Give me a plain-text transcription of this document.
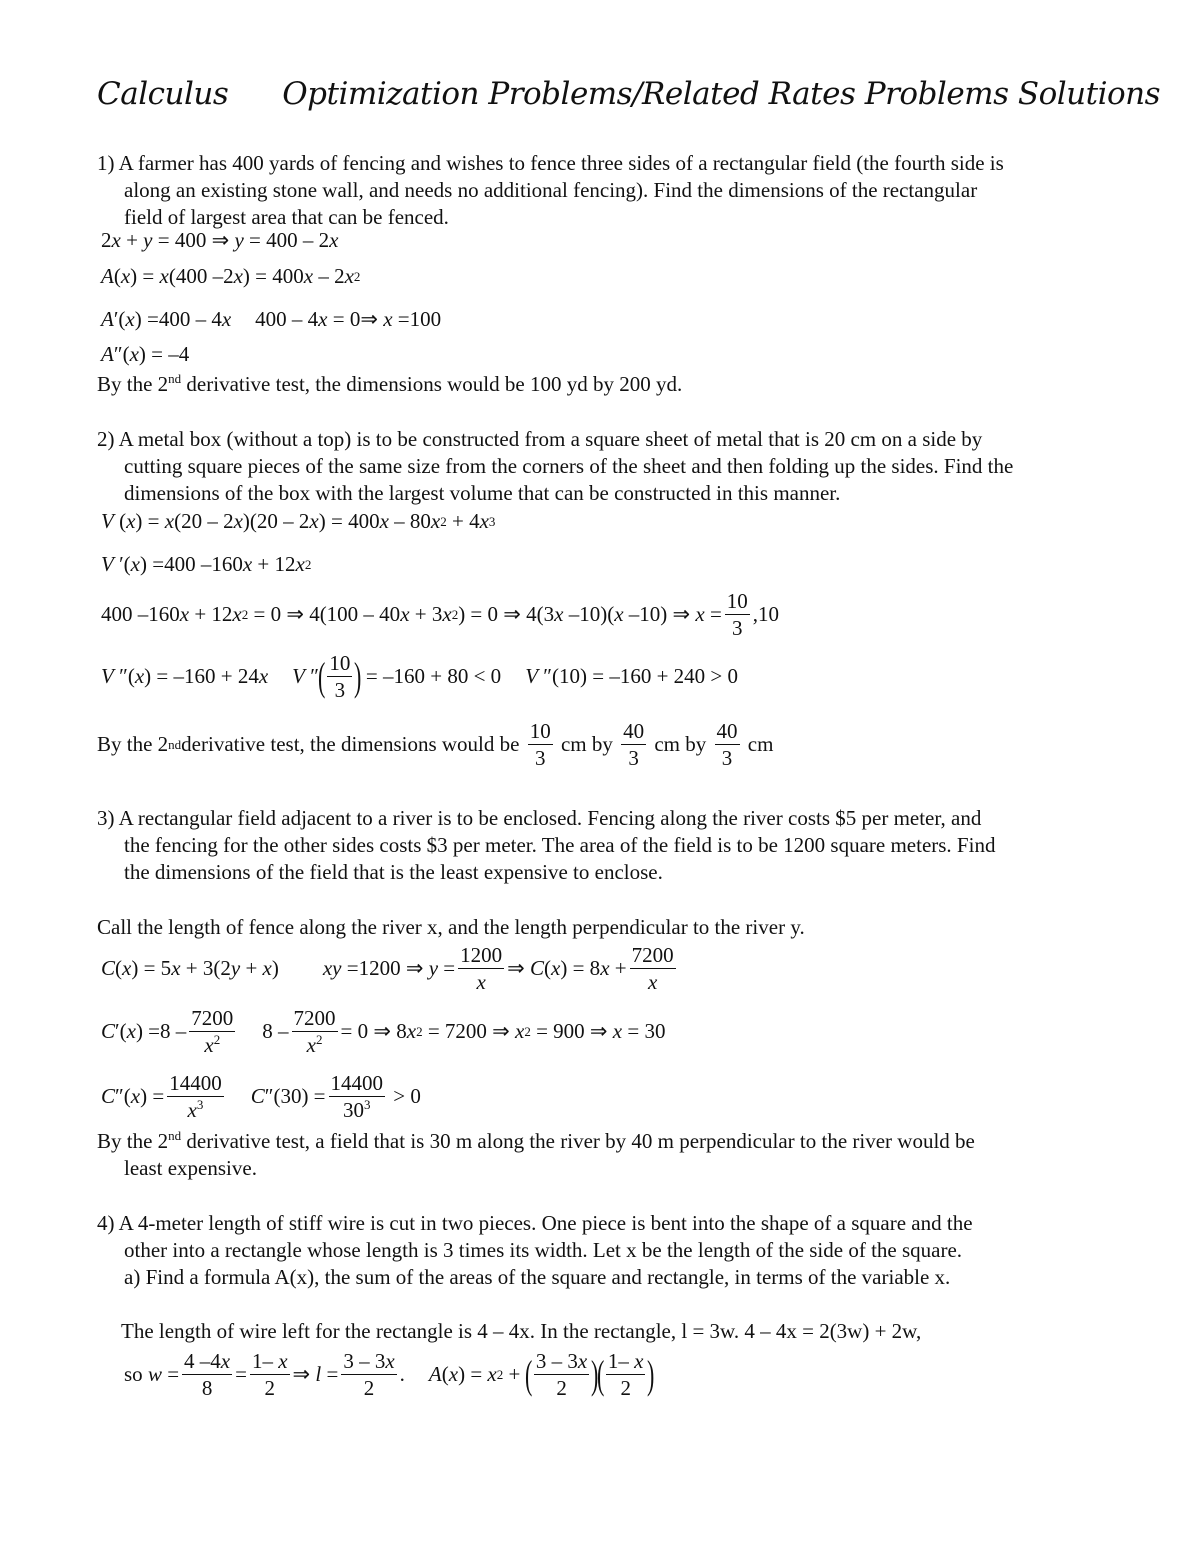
Calculus Optimization Problems/Related Rates Problems Solutions
1) A farmer has 400 yards of fencing and wishes to fence three sides of a rectangular field (the fourth side is
along an existing stone wall, and needs no additional fencing). Find the dimensions of the rectangular
field of largest area that can be fenced.
2 x + y = 400 ⇒ y = 400 – 2 x
A ( x ) = x (400 –2 x ) = 400 x – 2 x 2
A ′( x ) =400 – 4 x 400 – 4 x = 0⇒ x =100
A ″( x ) = –4
By the 2nd derivative test, the dimensions would be 100 yd by 200 yd.
2) A metal box (without a top) is to be constructed from a square sheet of metal that is 20 cm on a side by
cutting square pieces of the same size from the corners of the sheet and then folding up the sides. Find the
dimensions of the box with the largest volume that can be constructed in this manner.
V ( x ) = x (20 – 2 x )(20 – 2 x ) = 400 x – 80 x 2 + 4 x 3
V ′( x ) =400 –160 x + 12 x 2
400 –160 x + 12 x 2 = 0 ⇒ 4(100 – 40 x + 3 x 2 ) = 0 ⇒ 4(3 x –10)( x –10) ⇒ $x = \frac{10}{3} ,10$
V ″( x ) = –160 + 24 x V ″
( $\frac{10}{3}$ )
= –160 + 80 < 0 V ″(10) = –160 + 240 > 0
By the 2 nd derivative test, the dimensions would be
$\frac{10}{3}$
cm by
$\frac{40}{3}$
cm by
$\frac{40}{3}$
cm
3) A rectangular field adjacent to a river is to be enclosed. Fencing along the river costs $5 per meter, and
the fencing for the other sides costs $3 per meter. The area of the field is to be 1200 square meters. Find
the dimensions of the field that is the least expensive to enclose.
Call the length of fence along the river x, and the length perpendicular to the river y.
C ( x ) = 5 x + 3(2 y + x ) xy =1200 ⇒ $y = \frac{1200}{x}$ ⇒ C ( x ) = 8 $x + \frac{7200}{x}$
C ′( x ) $=8 - \frac{7200}{x^2} 8 - \frac{7200}{x^2} = 0$ ⇒ 8 x 2 = 7200 ⇒ x 2 = 900 ⇒ x = 30
C ″( x ) = $\frac{14400}{x^3}$ C $''(30) = \frac{14400}{30^3} > 0$
By the 2nd derivative test, a field that is 30 m along the river by 40 m perpendicular to the river would be
least expensive.
4) A 4-meter length of stiff wire is cut in two pieces. One piece is bent into the shape of a square and the
other into a rectangle whose length is 3 times its width. Let x be the length of the side of the square.
a) Find a formula A(x), the sum of the areas of the square and rectangle, in terms of the variable x.
The length of wire left for the rectangle is 4 – 4x. In the rectangle, l = 3w. 4 – 4x = 2(3w) + 2w,
so $w = \frac{4 -4x}{8} = \frac{1- x}{2}$ ⇒ $l = \frac{3 - 3x}{2}$ . A ( x ) = x 2 +
( $\frac{3 - 3x}{2}$ )
( $\frac{1- x}{2}$ )
